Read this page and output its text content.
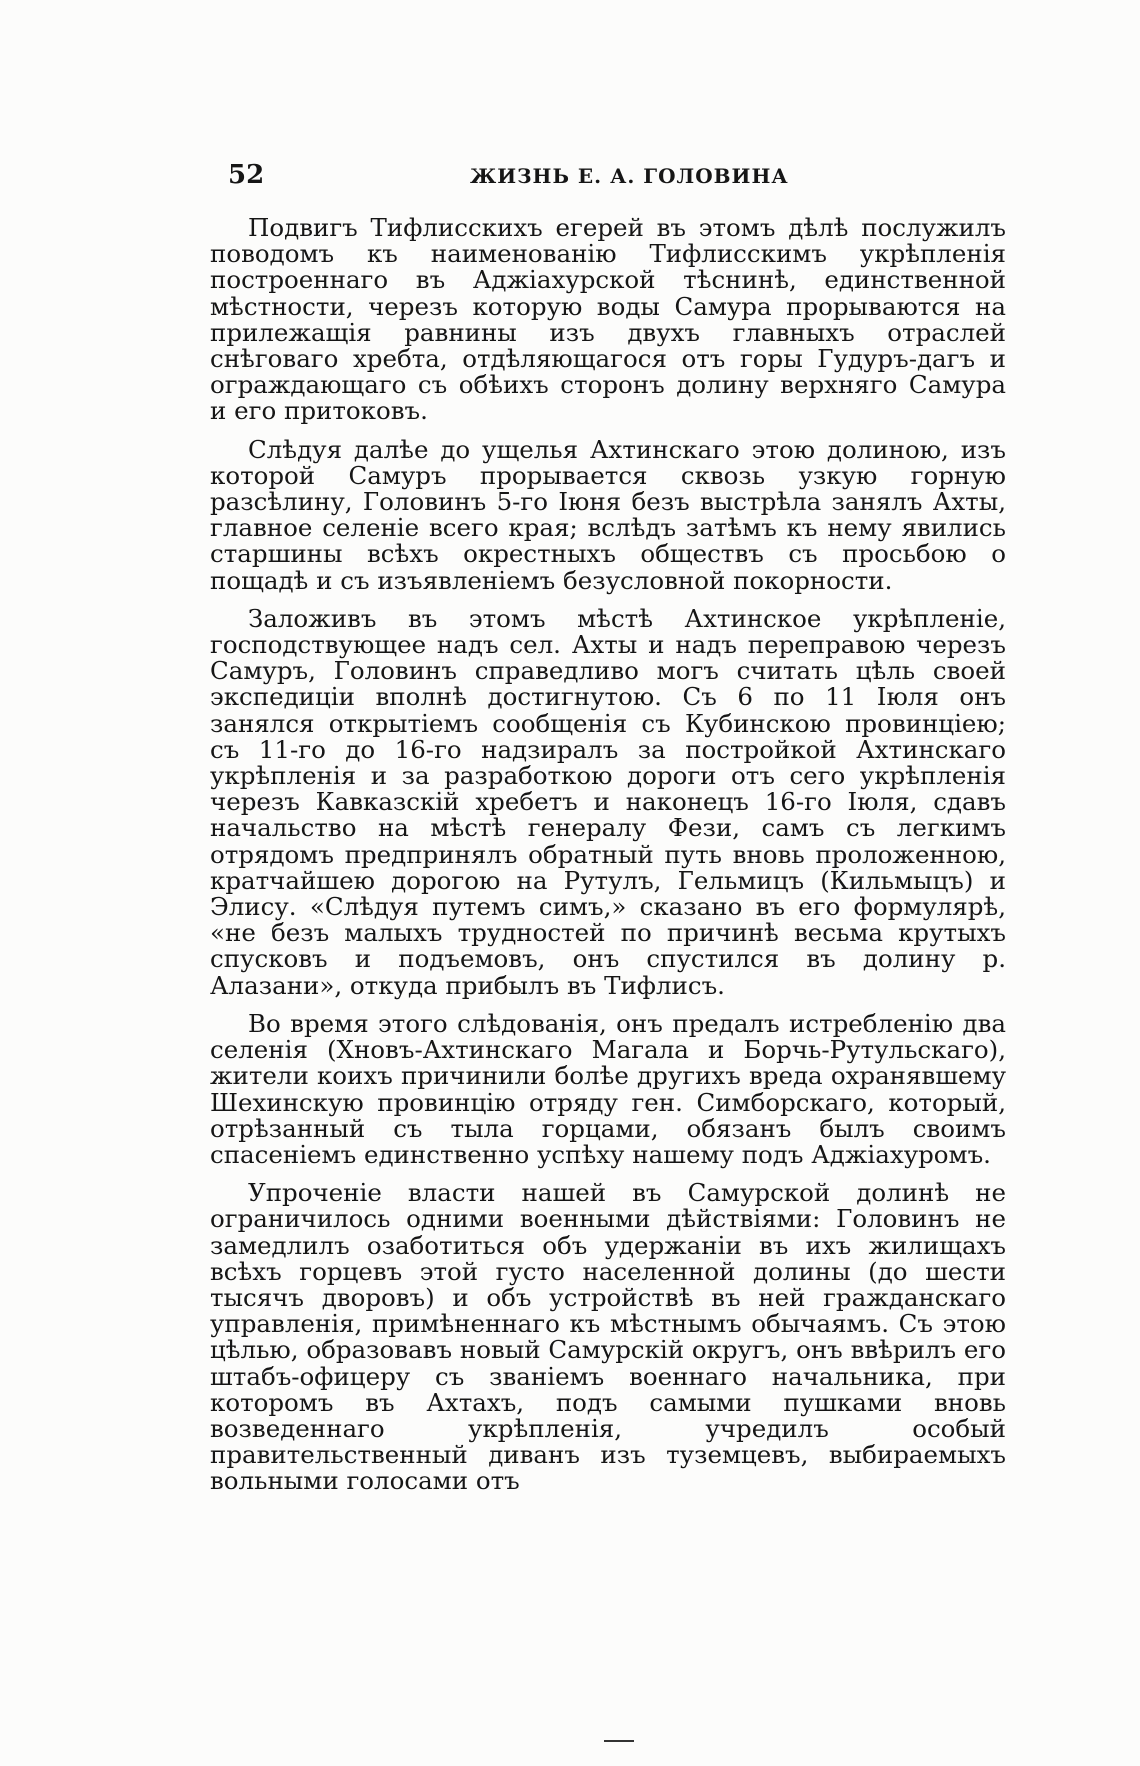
52	ЖИЗНЬ Е. А. ГОЛОВИНА

Подвигъ Тифлисскихъ егерей въ этомъ дѣлѣ послужилъ поводомъ къ наименованію Тифлисскимъ укрѣпленія построеннаго въ Аджіахурской тѣснинѣ, единственной мѣстности, черезъ которую воды Самура прорываются на прилежащія равнины изъ двухъ главныхъ отраслей снѣговаго хребта, отдѣляющагося отъ горы Гудуръ-дагъ и ограждающаго съ обѣихъ сторонъ долину верхняго Самура и его притоковъ.

Слѣдуя далѣе до ущелья Ахтинскаго этою долиною, изъ которой Самуръ прорывается сквозь узкую горную разсѣлину, Головинъ 5-го Іюня безъ выстрѣла занялъ Ахты, главное селеніе всего края; вслѣдъ затѣмъ къ нему явились старшины всѣхъ окрестныхъ обществъ съ просьбою о пощадѣ и съ изъявленіемъ безусловной покорности.

Заложивъ въ этомъ мѣстѣ Ахтинское укрѣпленіе, господствующее надъ сел. Ахты и надъ переправою черезъ Самуръ, Головинъ справедливо могъ считать цѣль своей экспедиціи вполнѣ достигнутою. Съ 6 по 11 Іюля онъ занялся открытіемъ сообщенія съ Кубинскою провинціею; съ 11-го до 16-го надзиралъ за постройкой Ахтинскаго укрѣпленія и за разработкою дороги отъ сего укрѣпленія черезъ Кавказскій хребетъ и наконецъ 16-го Іюля, сдавъ начальство на мѣстѣ генералу Фези, самъ съ легкимъ отрядомъ предпринялъ обратный путь вновь проложенною, кратчайшею дорогою на Рутулъ, Гельмицъ (Кильмыцъ) и Элису. «Слѣдуя путемъ симъ,» сказано въ его формулярѣ, «не безъ малыхъ трудностей по причинѣ весьма крутыхъ спусковъ и подъемовъ, онъ спустился въ долину р. Алазани», откуда прибылъ въ Тифлисъ.

Во время этого слѣдованія, онъ предалъ истребленію два селенія (Хновъ-Ахтинскаго Магала и Борчь-Рутульскаго), жители коихъ причинили болѣе другихъ вреда охранявшему Шехинскую провинцію отряду ген. Симборскаго, который, отрѣзанный съ тыла горцами, обязанъ былъ своимъ спасеніемъ единственно успѣху нашему подъ Аджіахуромъ.

Упроченіе власти нашей въ Самурской долинѣ не ограничилось одними военными дѣйствіями: Головинъ не замедлилъ озаботиться объ удержаніи въ ихъ жилищахъ всѣхъ горцевъ этой густо населенной долины (до шести тысячъ дворовъ) и объ устройствѣ въ ней гражданскаго управленія, примѣненнаго къ мѣстнымъ обычаямъ. Съ этою цѣлью, образовавъ новый Самурскій округъ, онъ ввѣрилъ его штабъ-офицеру съ званіемъ военнаго начальника, при которомъ въ Ахтахъ, подъ самыми пушками вновь возведеннаго укрѣпленія, учредилъ особый правительственный диванъ изъ туземцевъ, выбираемыхъ вольными голосами отъ
